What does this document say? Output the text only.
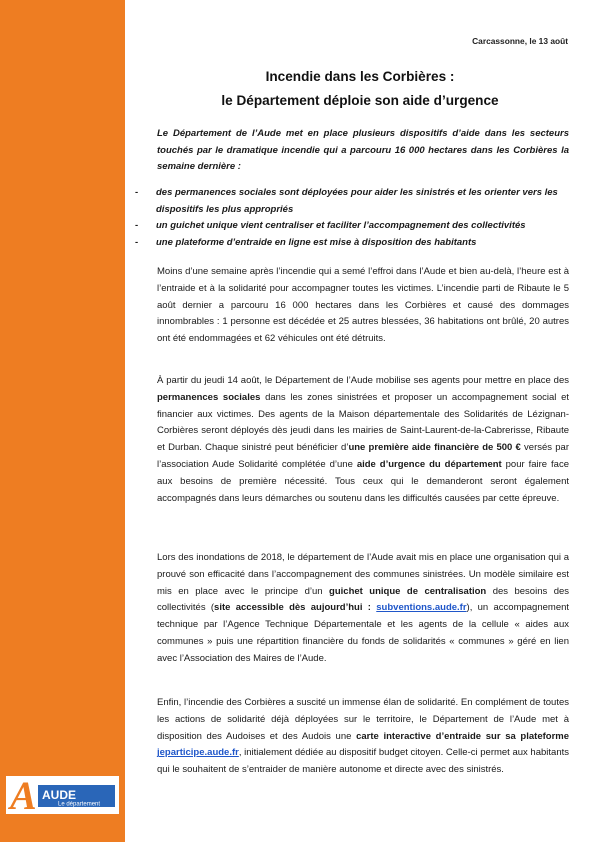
A AUDE
Le département
Carcassonne, le 13 août
Incendie dans les Corbières :
le Département déploie son aide d’urgence

Le Département de l’Aude met en place plusieurs dispositifs d’aide dans les secteurs touchés par le dramatique incendie qui a parcouru 16 000 hectares dans les Corbières la semaine dernière :

- des permanences sociales sont déployées pour aider les sinistrés et les orienter vers les dispositifs les plus appropriés
- un guichet unique vient centraliser et faciliter l’accompagnement des collectivités
- une plateforme d’entraide en ligne est mise à disposition des habitants

Moins d’une semaine après l’incendie qui a semé l’effroi dans l’Aude et bien au-delà, l’heure est à l’entraide et à la solidarité pour accompagner toutes les victimes. L’incendie parti de Ribaute le 5 août dernier a parcouru 16 000 hectares dans les Corbières et causé des dommages innombrables : 1 personne est décédée et 25 autres blessées, 36 habitations ont brûlé, 20 autres ont été endommagées et 62 véhicules ont été détruits.

À partir du jeudi 14 août, le Département de l’Aude mobilise ses agents pour mettre en place des permanences sociales dans les zones sinistrées et proposer un accompagnement social et financier aux victimes. Des agents de la Maison départementale des Solidarités de Lézignan-Corbières seront déployés dès jeudi dans les mairies de Saint-Laurent-de-la-Cabrerisse, Ribaute et Durban. Chaque sinistré peut bénéficier d’une première aide financière de 500 € versés par l’association Aude Solidarité complétée d’une aide d’urgence du département pour faire face aux besoins de première nécessité. Tous ceux qui le demanderont seront également accompagnés dans leurs démarches ou soutenu dans les difficultés causées par cette épreuve.

Lors des inondations de 2018, le département de l’Aude avait mis en place une organisation qui a prouvé son efficacité dans l’accompagnement des communes sinistrées. Un modèle similaire est mis en place avec le principe d’un guichet unique de centralisation des besoins des collectivités (site accessible dès aujourd’hui : subventions.aude.fr), un accompagnement technique par l’Agence Technique Départementale et les agents de la cellule « aides aux communes » puis une répartition financière du fonds de solidarités « communes » géré en lien avec l’Association des Maires de l’Aude.

Enfin, l’incendie des Corbières a suscité un immense élan de solidarité. En complément de toutes les actions de solidarité déjà déployées sur le territoire, le Département de l’Aude met à disposition des Audoises et des Audois une carte interactive d’entraide sur sa plateforme jeparticipe.aude.fr, initialement dédiée au dispositif budget citoyen. Celle-ci permet aux habitants qui le souhaitent de s’entraider de manière autonome et directe avec des sinistrés.
